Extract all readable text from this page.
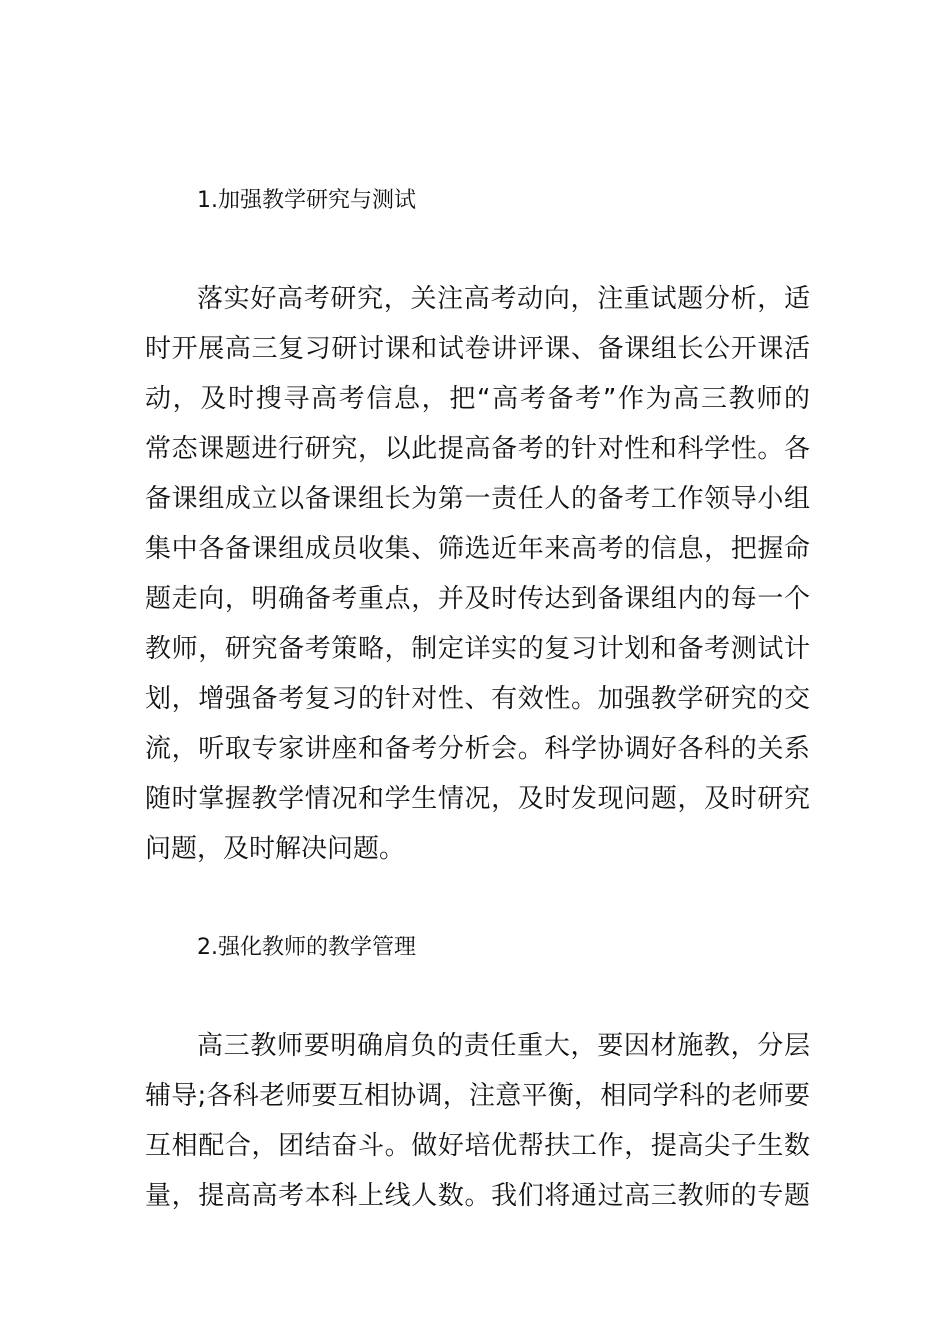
1.加强教学研究与测试
落实好高考研究，关注高考动向，注重试题分析，适
时开展高三复习研讨课和试卷讲评课、备课组长公开课活
动，及时搜寻高考信息，把“高考备考”作为高三教师的
常态课题进行研究，以此提高备考的针对性和科学性。各
备课组成立以备课组长为第一责任人的备考工作领导小组
集中各备课组成员收集、筛选近年来高考的信息，把握命
题走向，明确备考重点，并及时传达到备课组内的每一个
教师，研究备考策略，制定详实的复习计划和备考测试计
划，增强备考复习的针对性、有效性。加强教学研究的交
流，听取专家讲座和备考分析会。科学协调好各科的关系
随时掌握教学情况和学生情况，及时发现问题，及时研究
问题，及时解决问题。
2.强化教师的教学管理
高三教师要明确肩负的责任重大，要因材施教，分层
辅导;各科老师要互相协调，注意平衡，相同学科的老师要
互相配合，团结奋斗。做好培优帮扶工作，提高尖子生数
量，提高高考本科上线人数。我们将通过高三教师的专题
